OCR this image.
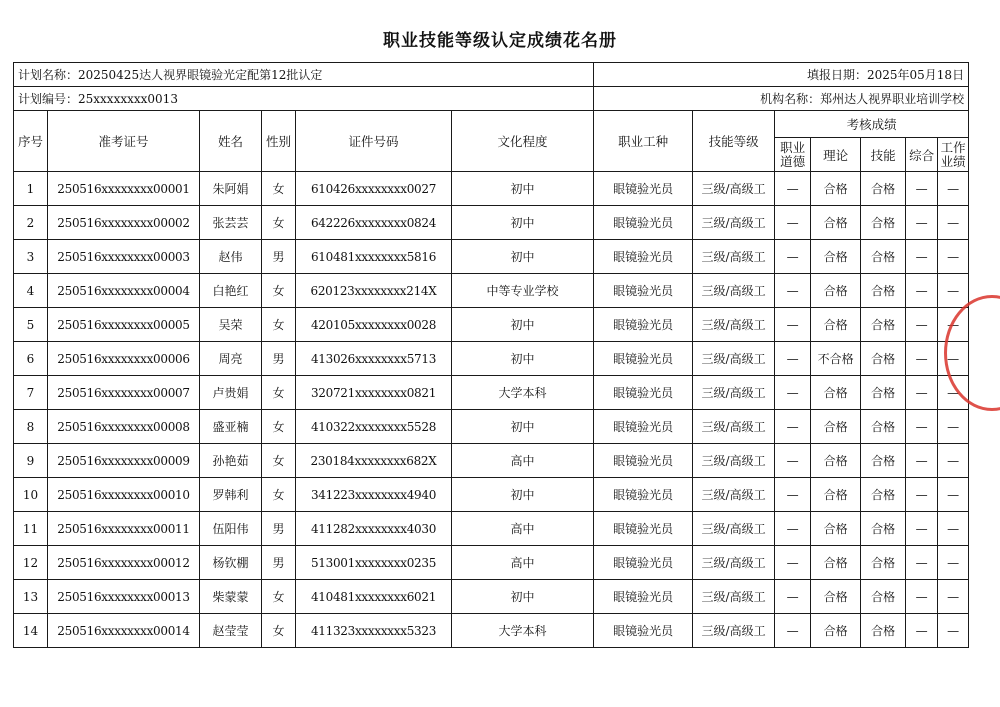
职业技能等级认定成绩花名册
计划名称：20250425达人视界眼镜验光定配第12批认定						填报日期：2025年05月18日						
计划编号：25xxxxxxxx0013						机构名称：郑州达人视界职业培训学校						
序号	准考证号	姓名	性别	证件号码	文化程度	职业工种	技能等级	考核成绩				
								职业道德	理论	技能	综合	工作业绩
1	250516xxxxxxxx00001	朱阿娟	女	610426xxxxxxxx0027	初中	眼镜验光员	三级/高级工	—	合格	合格	—	—
2	250516xxxxxxxx00002	张芸芸	女	642226xxxxxxxx0824	初中	眼镜验光员	三级/高级工	—	合格	合格	—	—
3	250516xxxxxxxx00003	赵伟	男	610481xxxxxxxx5816	初中	眼镜验光员	三级/高级工	—	合格	合格	—	—
4	250516xxxxxxxx00004	白艳红	女	620123xxxxxxxx214X	中等专业学校	眼镜验光员	三级/高级工	—	合格	合格	—	—
5	250516xxxxxxxx00005	吴荣	女	420105xxxxxxxx0028	初中	眼镜验光员	三级/高级工	—	合格	合格	—	—
6	250516xxxxxxxx00006	周亮	男	413026xxxxxxxx5713	初中	眼镜验光员	三级/高级工	—	不合格	合格	—	—
7	250516xxxxxxxx00007	卢贵娟	女	320721xxxxxxxx0821	大学本科	眼镜验光员	三级/高级工	—	合格	合格	—	—
8	250516xxxxxxxx00008	盛亚楠	女	410322xxxxxxxx5528	初中	眼镜验光员	三级/高级工	—	合格	合格	—	—
9	250516xxxxxxxx00009	孙艳茹	女	230184xxxxxxxx682X	高中	眼镜验光员	三级/高级工	—	合格	合格	—	—
10	250516xxxxxxxx00010	罗韩利	女	341223xxxxxxxx4940	初中	眼镜验光员	三级/高级工	—	合格	合格	—	—
11	250516xxxxxxxx00011	伍阳伟	男	411282xxxxxxxx4030	高中	眼镜验光员	三级/高级工	—	合格	合格	—	—
12	250516xxxxxxxx00012	杨钦棚	男	513001xxxxxxxx0235	高中	眼镜验光员	三级/高级工	—	合格	合格	—	—
13	250516xxxxxxxx00013	柴蒙蒙	女	410481xxxxxxxx6021	初中	眼镜验光员	三级/高级工	—	合格	合格	—	—
14	250516xxxxxxxx00014	赵莹莹	女	411323xxxxxxxx5323	大学本科	眼镜验光员	三级/高级工	—	合格	合格	—	—
